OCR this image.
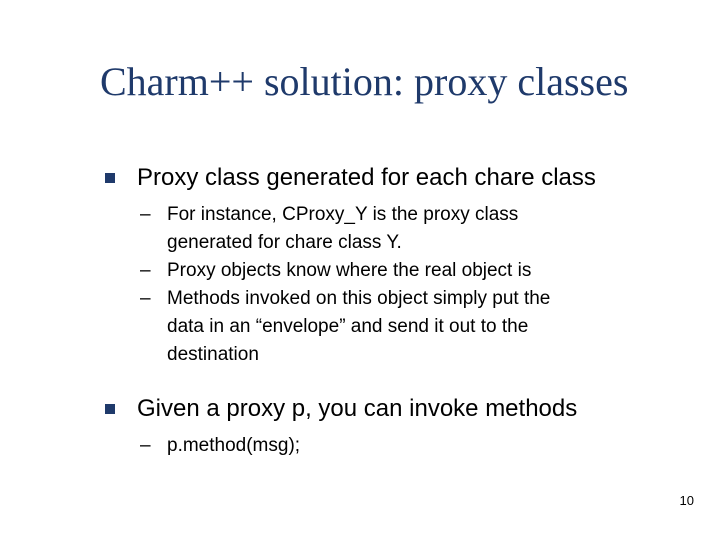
Charm++ solution: proxy classes
Proxy class generated for each chare class
– For instance, CProxy_Y is the proxy class
generated for chare class Y.
– Proxy objects know where the real object is
– Methods invoked on this object simply put the
data in an “envelope” and send it out to the
destination
Given a proxy p, you can invoke methods
– p.method(msg);
10
